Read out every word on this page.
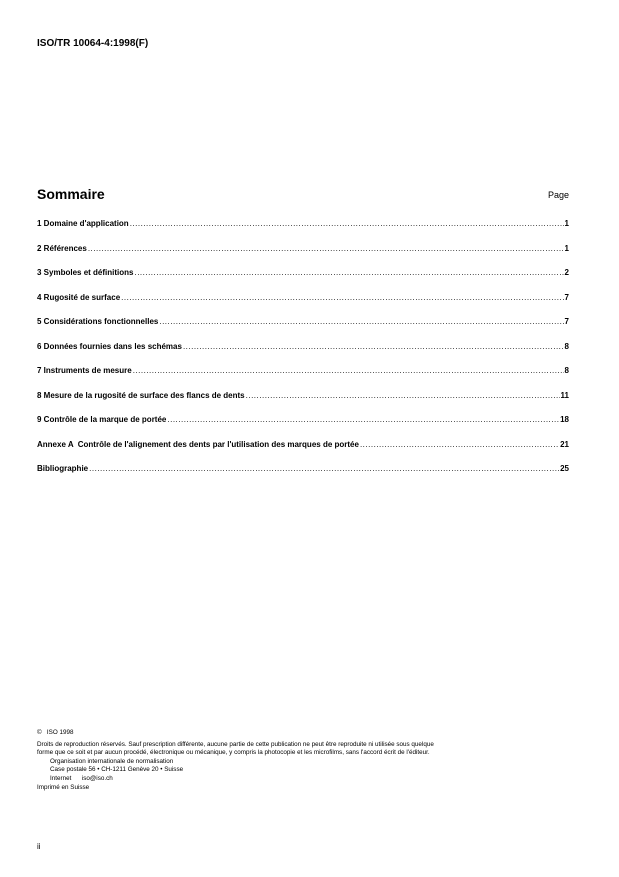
ISO/TR 10064-4:1998(F)
Sommaire	Page
1 Domaine d'application .....	1
2 Références .....	1
3 Symboles et définitions .....	2
4 Rugosité de surface .....	7
5 Considérations fonctionnelles .....	7
6 Données fournies dans les schémas .....	8
7 Instruments de mesure .....	8
8 Mesure de la rugosité de surface des flancs de dents .....	11
9 Contrôle de la marque de portée .....	18
Annexe A  Contrôle de l'alignement des dents par l'utilisation des marques de portée .....	21
Bibliographie .....	25
©   ISO 1998
Droits de reproduction réservés. Sauf prescription différente, aucune partie de cette publication ne peut être reproduite ni utilisée sous quelque
forme que ce soit et par aucun procédé, électronique ou mécanique, y compris la photocopie et les microfilms, sans l'accord écrit de l'éditeur.
Organisation internationale de normalisation
Case postale 56 • CH-1211 Genève 20 • Suisse
Internet      iso@iso.ch
Imprimé en Suisse
ii
